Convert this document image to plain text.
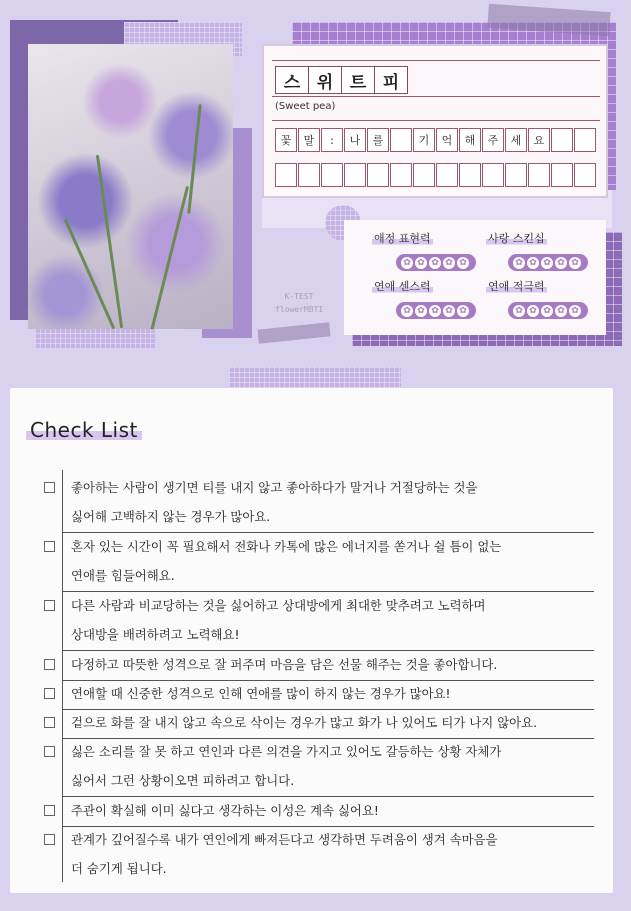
스 위 트 피
(Sweet pea)
꽃	말	:	나	를	기	억	해	주	세	요
애정 표현력
✿ ✿ ✿ ✿ ✿
사랑 스킨십
✿ ✿ ✿ ✿ ✿
연애 센스력
✿ ✿ ✿ ✿ ✿
연애 적극력
✿ ✿ ✿ ✿ ✿
K-TEST
flowerMBTI
Check List
좋아하는 사람이 생기면 티를 내지 않고 좋아하다가 말거나 거절당하는 것을
싫어해 고백하지 않는 경우가 많아요.
혼자 있는 시간이 꼭 필요해서 전화나 카톡에 많은 에너지를 쏟거나 쉴 틈이 없는
연애를 힘들어해요.
다른 사람과 비교당하는 것을 싫어하고 상대방에게 최대한 맞추려고 노력하며
상대방을 배려하려고 노력해요!
다정하고 따뜻한 성격으로 잘 퍼주며 마음을 담은 선물 해주는 것을 좋아합니다.
연애할 때 신중한 성격으로 인해 연애를 많이 하지 않는 경우가 많아요!
겉으로 화를 잘 내지 않고 속으로 삭이는 경우가 많고 화가 나 있어도 티가 나지 않아요.
싫은 소리를 잘 못 하고 연인과 다른 의견을 가지고 있어도 갈등하는 상황 자체가
싫어서 그런 상황이오면 피하려고 합니다.
주관이 확실해 이미 싫다고 생각하는 이성은 계속 싫어요!
관계가 깊어질수록 내가 연인에게 빠져든다고 생각하면 두려움이 생겨 속마음을
더 숨기게 됩니다.
